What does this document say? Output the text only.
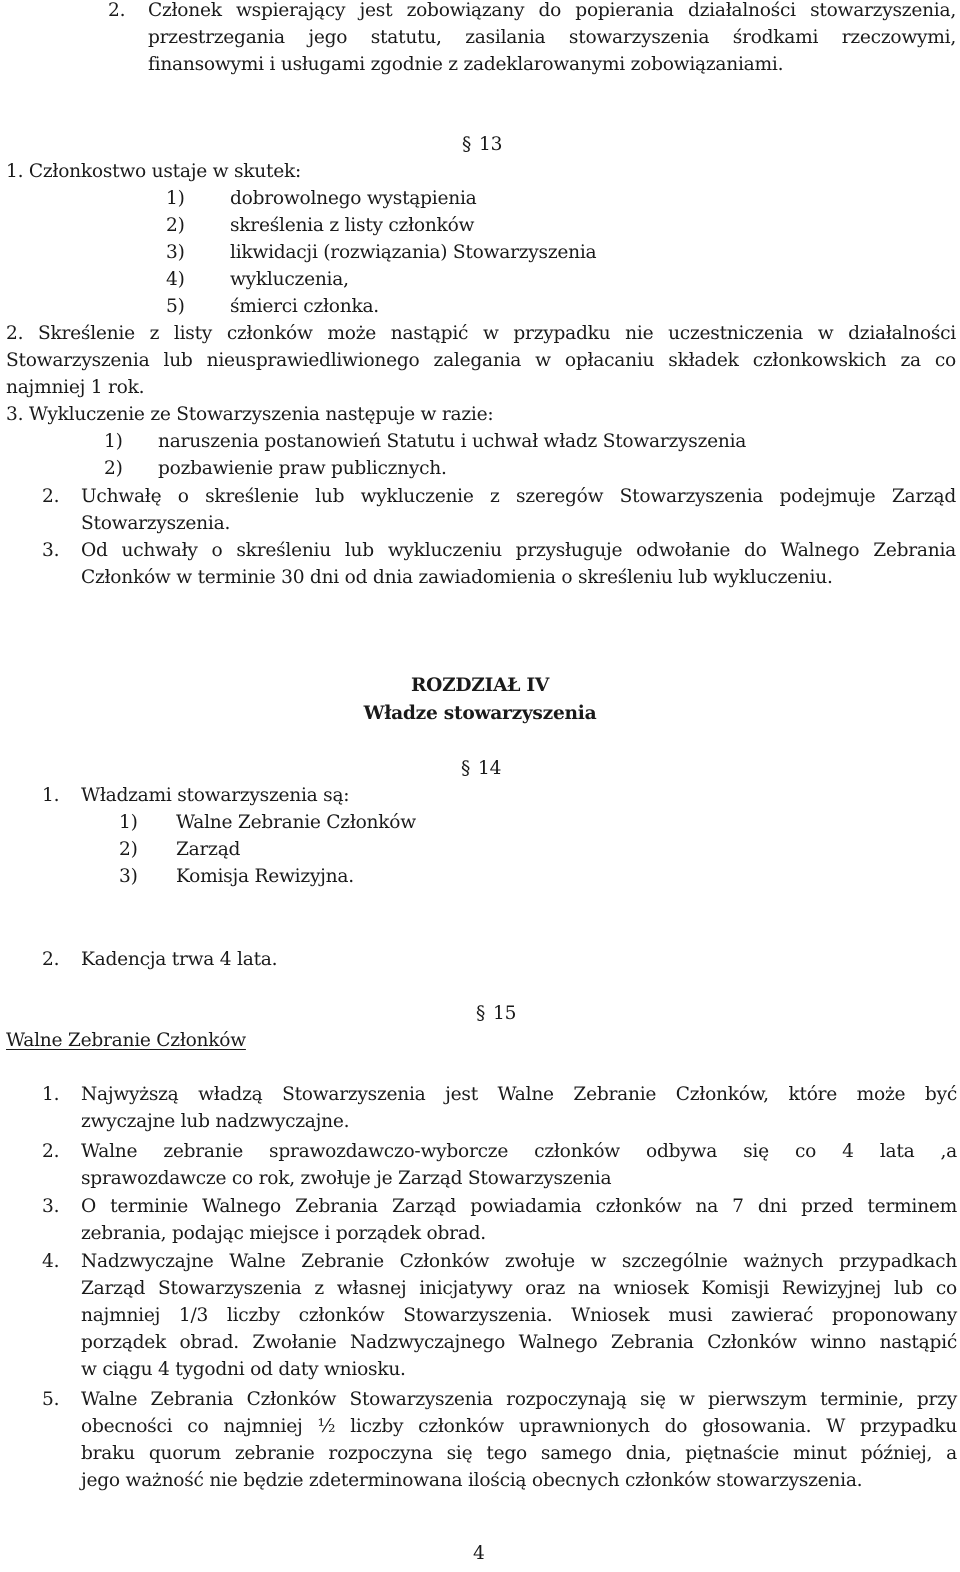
2. Członek wspierający jest zobowiązany do popierania działalności stowarzyszenia,
przestrzegania jego statutu, zasilania stowarzyszenia środkami rzeczowymi,
finansowymi i usługami zgodnie z zadeklarowanymi zobowiązaniami.
§ 13
1. Członkostwo ustaje w skutek:
1) dobrowolnego wystąpienia
2) skreślenia z listy członków
3) likwidacji (rozwiązania) Stowarzyszenia
4) wykluczenia,
5) śmierci członka.
2. Skreślenie z listy członków może nastąpić w przypadku nie uczestniczenia w działalności
Stowarzyszenia lub nieusprawiedliwionego zalegania w opłacaniu składek członkowskich za co
najmniej 1 rok.
3. Wykluczenie ze Stowarzyszenia następuje w razie:
1) naruszenia postanowień Statutu i uchwał władz Stowarzyszenia
2) pozbawienie praw publicznych.
2. Uchwałę o skreślenie lub wykluczenie z szeregów Stowarzyszenia podejmuje Zarząd
Stowarzyszenia.
3. Od uchwały o skreśleniu lub wykluczeniu przysługuje odwołanie do Walnego Zebrania
Członków w terminie 30 dni od dnia zawiadomienia o skreśleniu lub wykluczeniu.
ROZDZIAŁ IV
Władze stowarzyszenia
§ 14
1. Władzami stowarzyszenia są:
1) Walne Zebranie Członków
2) Zarząd
3) Komisja Rewizyjna.
2. Kadencja trwa 4 lata.
§ 15
Walne Zebranie Członków
1. Najwyższą władzą Stowarzyszenia jest Walne Zebranie Członków, które może być
zwyczajne lub nadzwyczajne.
2. Walne zebranie sprawozdawczo-wyborcze członków odbywa się co 4 lata ,a
sprawozdawcze co rok, zwołuje je Zarząd Stowarzyszenia
3. O terminie Walnego Zebrania Zarząd powiadamia członków na 7 dni przed terminem
zebrania, podając miejsce i porządek obrad.
4. Nadzwyczajne Walne Zebranie Członków zwołuje w szczególnie ważnych przypadkach
Zarząd Stowarzyszenia z własnej inicjatywy oraz na wniosek Komisji Rewizyjnej lub co
najmniej 1/3 liczby członków Stowarzyszenia. Wniosek musi zawierać proponowany
porządek obrad. Zwołanie Nadzwyczajnego Walnego Zebrania Członków winno nastąpić
w ciągu 4 tygodni od daty wniosku.
5. Walne Zebrania Członków Stowarzyszenia rozpoczynają się w pierwszym terminie, przy
obecności co najmniej ½ liczby członków uprawnionych do głosowania. W przypadku
braku quorum zebranie rozpoczyna się tego samego dnia, piętnaście minut później, a
jego ważność nie będzie zdeterminowana ilością obecnych członków stowarzyszenia.
4
